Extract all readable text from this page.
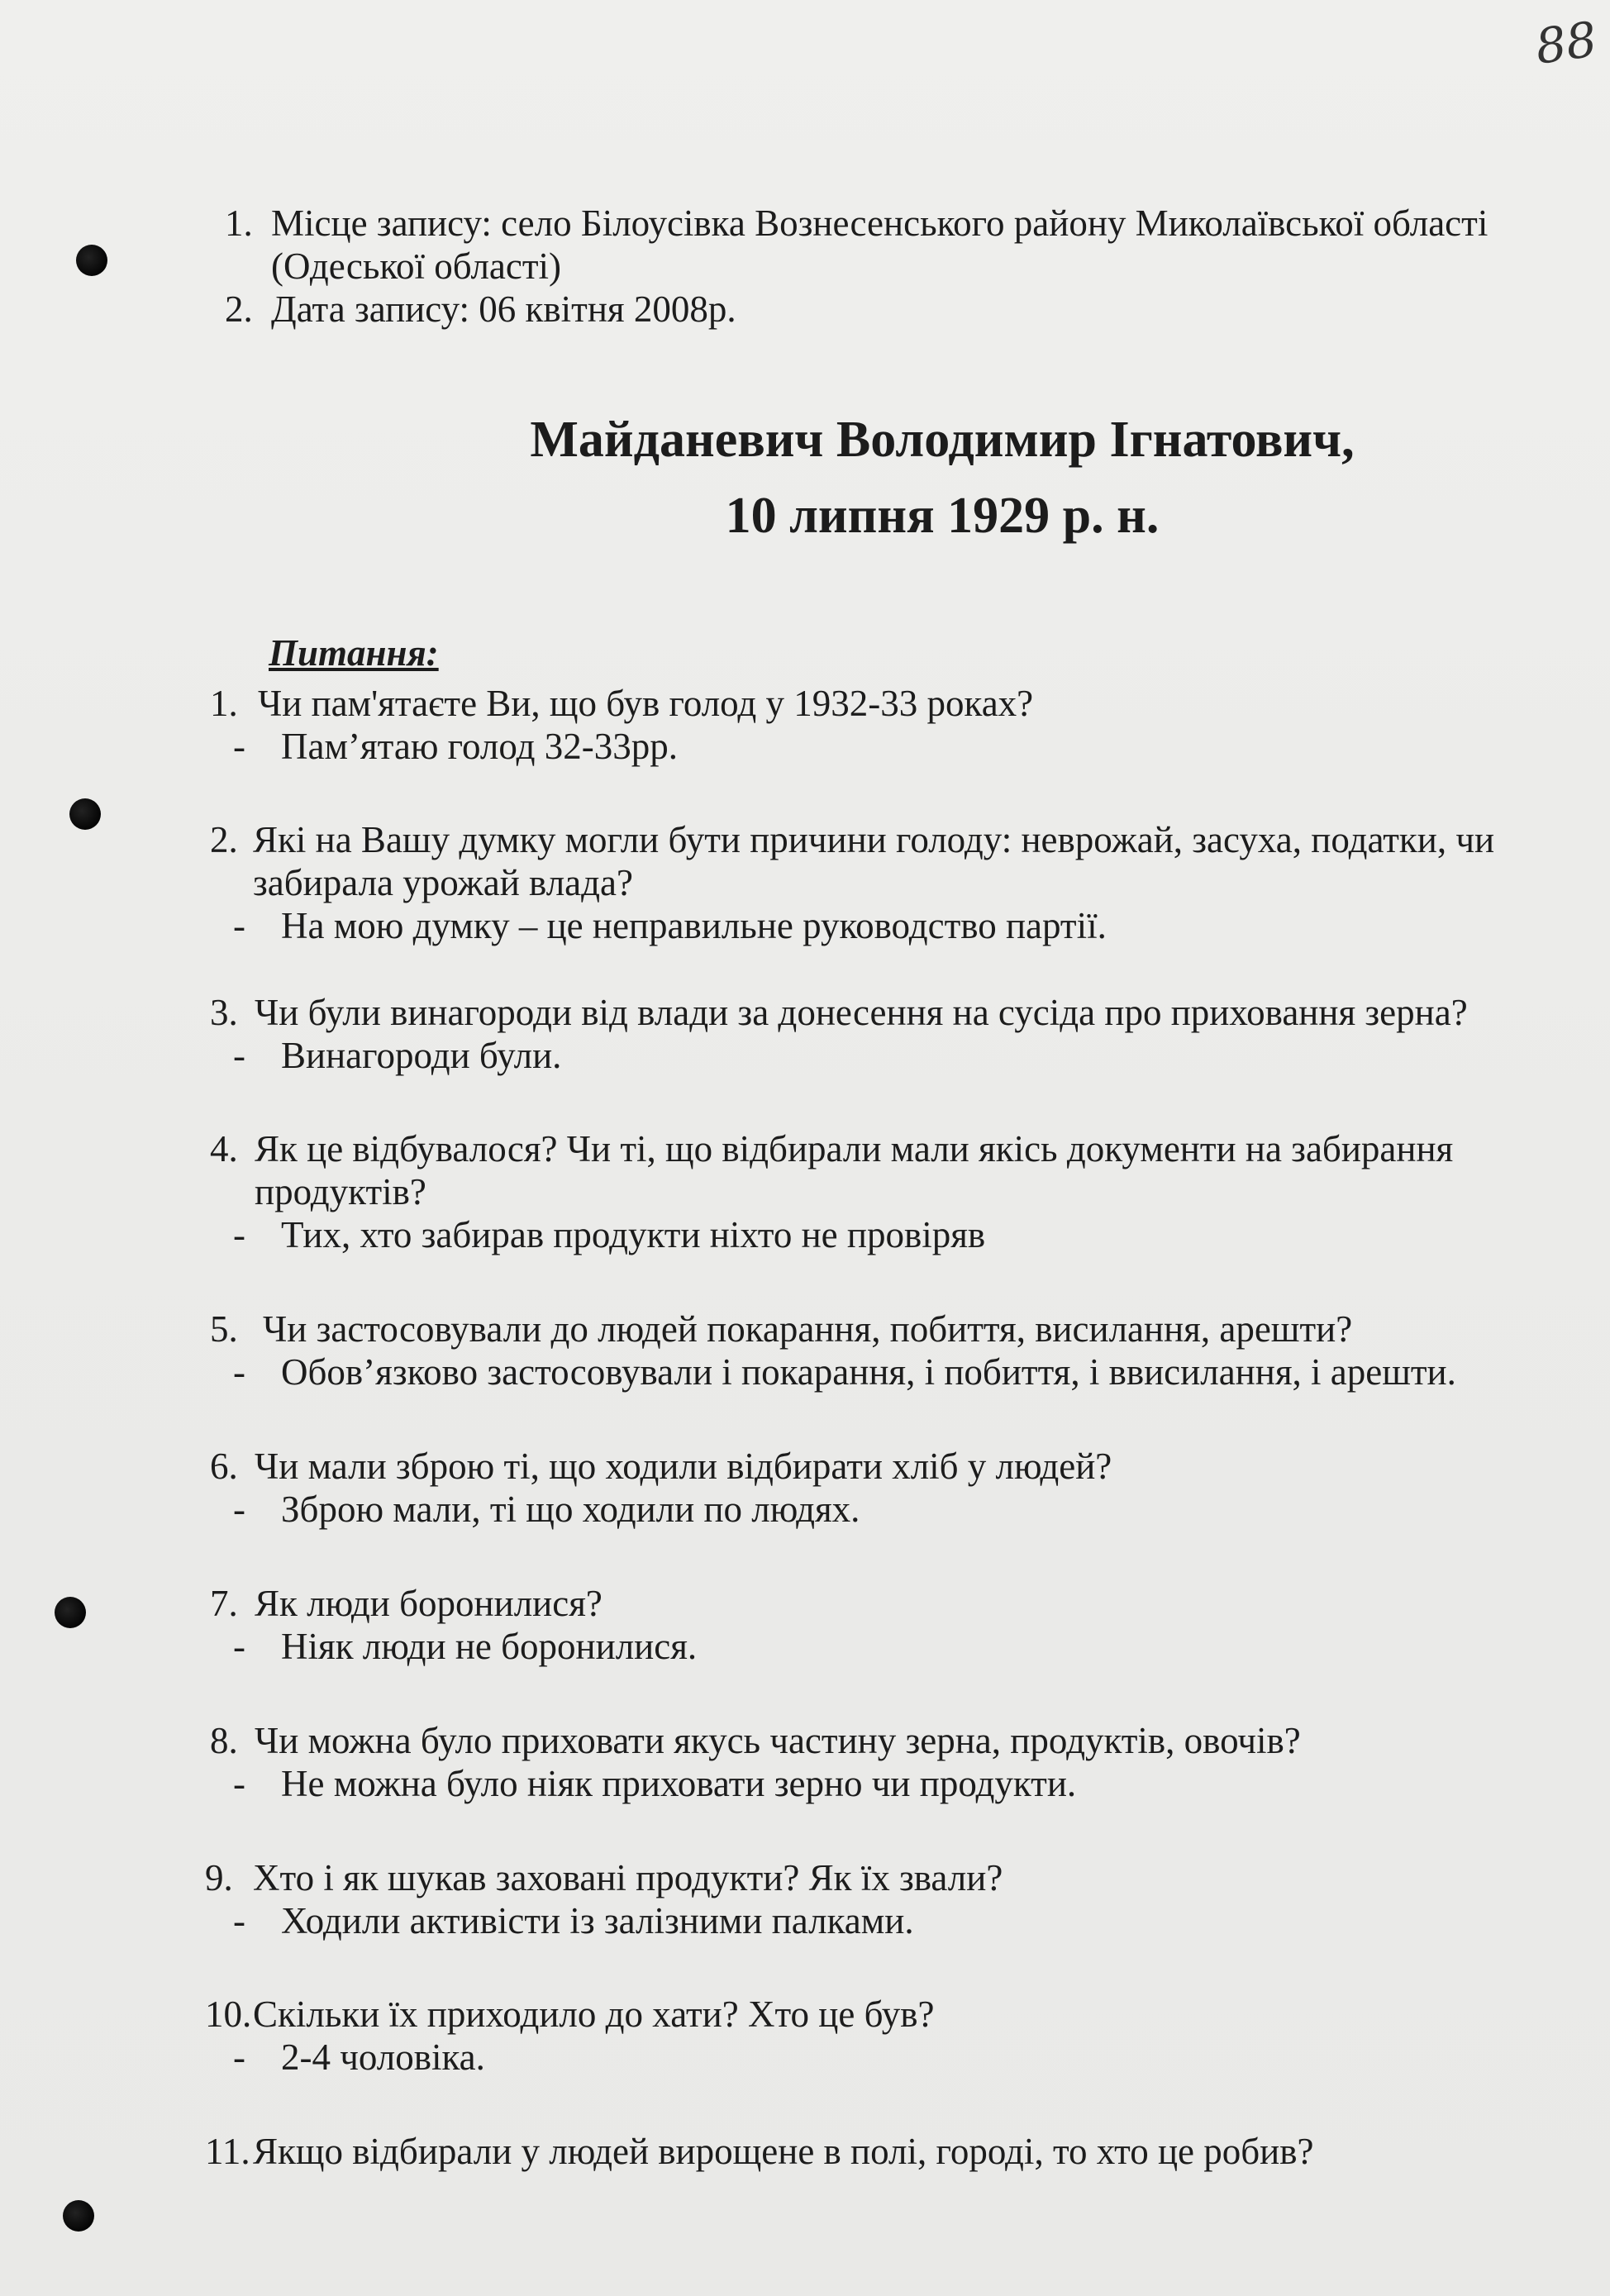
88
1. Місце запису: село Білоусівка Вознесенського району Миколаївської області
(Одеської області)
2. Дата запису: 06 квітня 2008р.
Майданевич Володимир Ігнатович,
10 липня 1929 р. н.
Питання:
1. Чи пам'ятаєте Ви, що був голод у 1932-33 роках?
- Пам’ятаю голод 32-33рр.
2. Які на Вашу думку могли бути причини голоду: неврожай, засуха, податки, чи
забирала урожай влада?
- На мою думку – це неправильне руководство партії.
3. Чи були винагороди від влади за донесення на сусіда про приховання зерна?
- Винагороди були.
4. Як це відбувалося? Чи ті, що відбирали мали якісь документи на забирання
продуктів?
- Тих, хто забирав продукти ніхто не провіряв
5. Чи застосовували до людей покарання, побиття, висилання, арешти?
- Обов’язково застосовували і покарання, і побиття, і ввисилання, і арешти.
6. Чи мали зброю ті, що ходили відбирати хліб у людей?
- Зброю мали, ті що ходили по людях.
7. Як люди боронилися?
- Ніяк люди не боронилися.
8. Чи можна було приховати якусь частину зерна, продуктів, овочів?
- Не можна було ніяк приховати зерно чи продукти.
9. Хто і як шукав заховані продукти? Як їх звали?
- Ходили активісти із залізними палками.
10. Скільки їх приходило до хати? Хто це був?
- 2-4 чоловіка.
11. Якщо відбирали у людей вирощене в полі, городі, то хто це робив?
